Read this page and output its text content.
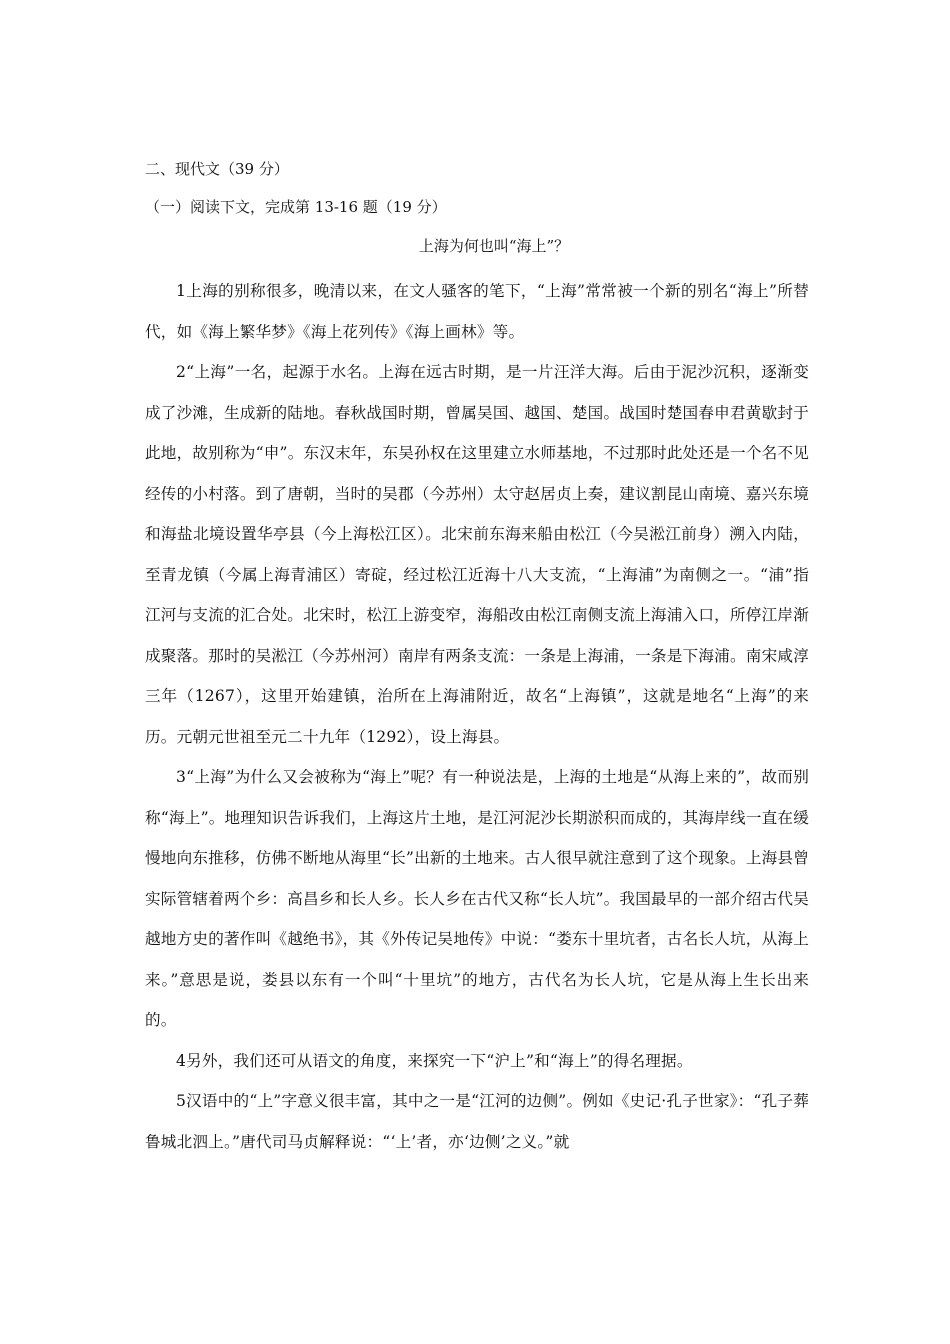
二、现代文（39 分）
（一）阅读下文，完成第 13-16 题（19 分）
上海为何也叫“海上”？

1上海的别称很多，晚清以来，在文人骚客的笔下，“上海”常常被一个新的别名“海上”所替代，如《海上繁华梦》《海上花列传》《海上画林》等。

2“上海”一名，起源于水名。上海在远古时期，是一片汪洋大海。后由于泥沙沉积，逐渐变成了沙滩，生成新的陆地。春秋战国时期，曾属吴国、越国、楚国。战国时楚国春申君黄歇封于此地，故别称为“申”。东汉末年，东吴孙权在这里建立水师基地，不过那时此处还是一个名不见经传的小村落。到了唐朝，当时的吴郡（今苏州）太守赵居贞上奏，建议割昆山南境、嘉兴东境和海盐北境设置华亭县（今上海松江区）。北宋前东海来船由松江（今吴淞江前身）溯入内陆，至青龙镇（今属上海青浦区）寄碇，经过松江近海十八大支流，“上海浦”为南侧之一。“浦”指江河与支流的汇合处。北宋时，松江上游变窄，海船改由松江南侧支流上海浦入口，所停江岸渐成聚落。那时的吴淞江（今苏州河）南岸有两条支流：一条是上海浦，一条是下海浦。南宋咸淳三年（1267），这里开始建镇，治所在上海浦附近，故名“上海镇”，这就是地名“上海”的来历。元朝元世祖至元二十九年（1292），设上海县。

3“上海”为什么又会被称为“海上”呢？有一种说法是，上海的土地是“从海上来的”，故而别称“海上”。地理知识告诉我们，上海这片土地，是江河泥沙长期淤积而成的，其海岸线一直在缓慢地向东推移，仿佛不断地从海里“长”出新的土地来。古人很早就注意到了这个现象。上海县曾实际管辖着两个乡：高昌乡和长人乡。长人乡在古代又称“长人坑”。我国最早的一部介绍古代吴越地方史的著作叫《越绝书》，其《外传记吴地传》中说：“娄东十里坑者，古名长人坑，从海上来。”意思是说，娄县以东有一个叫“十里坑”的地方，古代名为长人坑，它是从海上生长出来的。

4另外，我们还可从语文的角度，来探究一下“沪上”和“海上”的得名理据。

5汉语中的“上”字意义很丰富，其中之一是“江河的边侧”。例如《史记·孔子世家》：“孔子葬鲁城北泗上。”唐代司马贞解释说：“‘上’者，亦‘边侧’之义。”就
